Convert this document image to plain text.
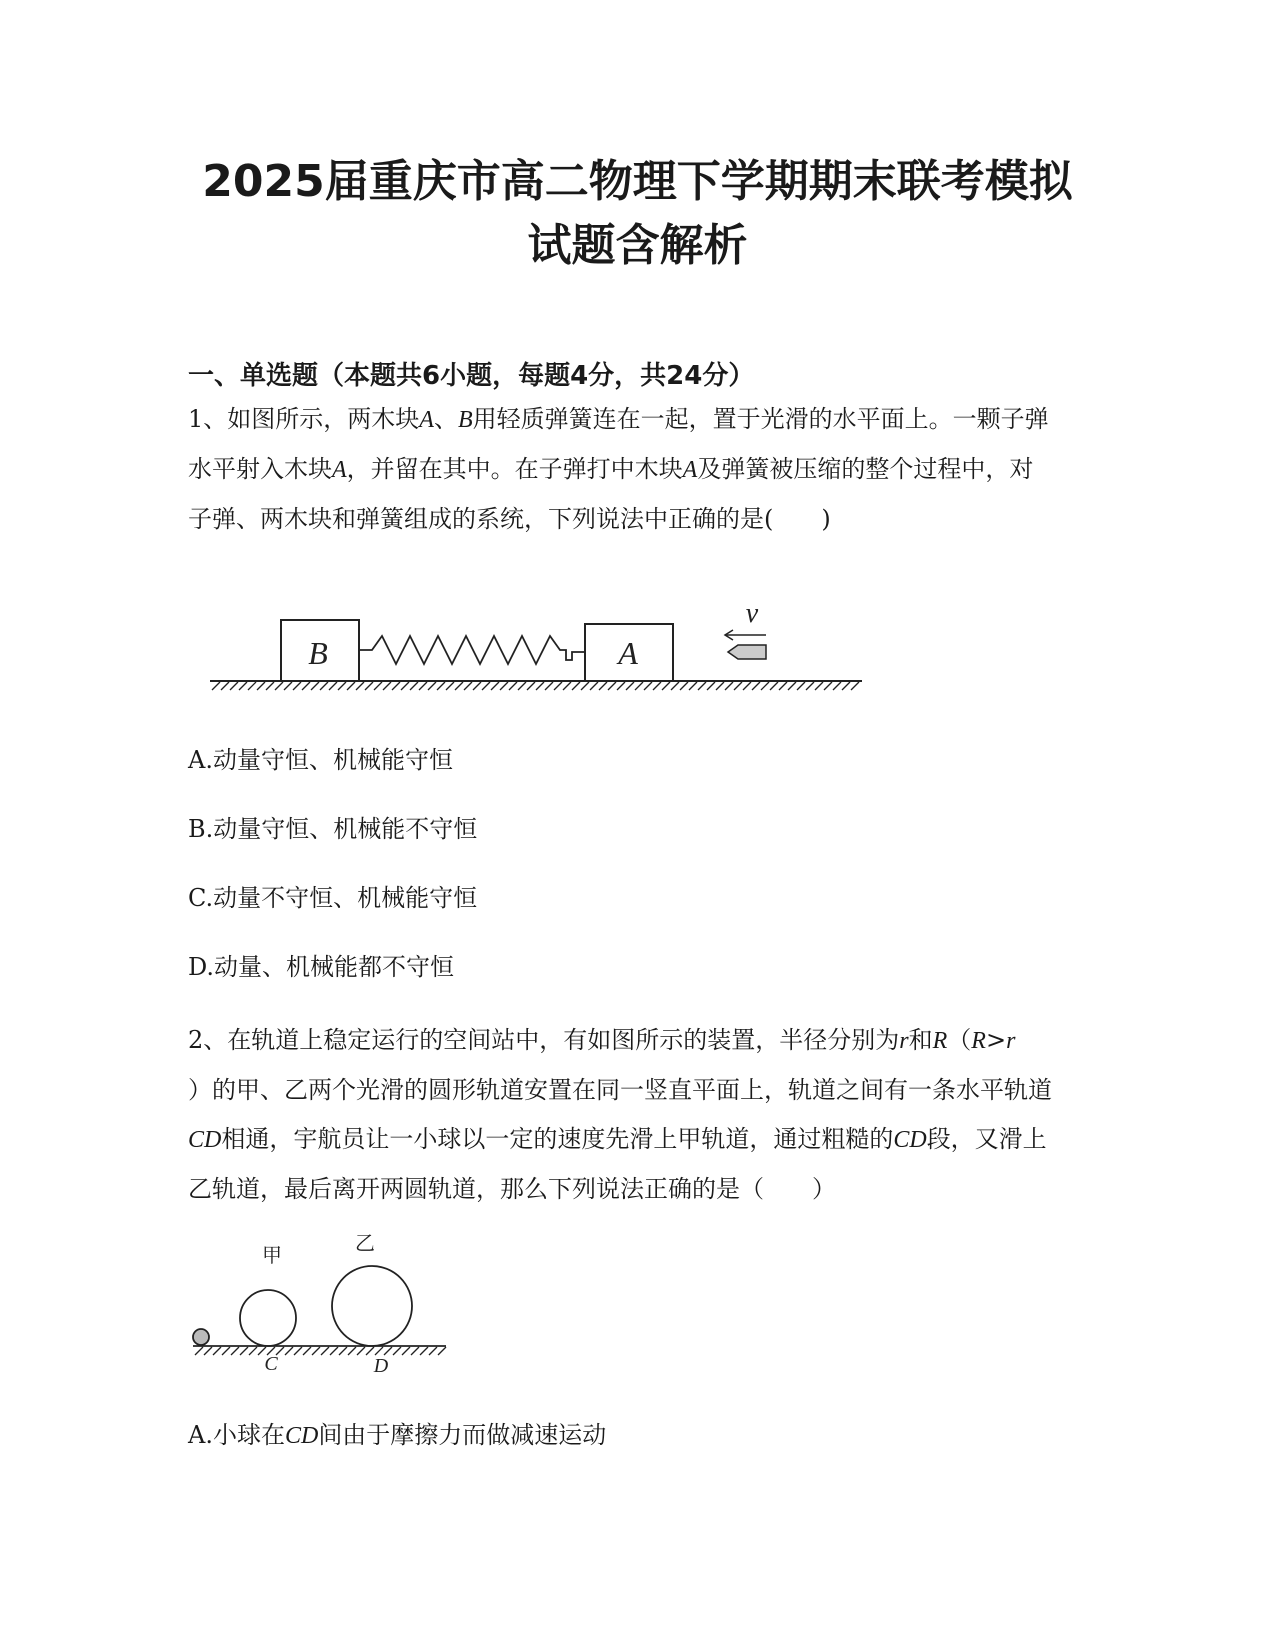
2025届重庆市高二物理下学期期末联考模拟
试题含解析
一、单选题（本题共6小题，每题4分，共24分）
1、如图所示，两木块A、B用轻质弹簧连在一起，置于光滑的水平面上。一颗子弹
水平射入木块A，并留在其中。在子弹打中木块A及弹簧被压缩的整个过程中，对
子弹、两木块和弹簧组成的系统，下列说法中正确的是(　　)
B	A
v
甲	乙
C	D
A.动量守恒、机械能守恒
B.动量守恒、机械能不守恒
C.动量不守恒、机械能守恒
D.动量、机械能都不守恒
2、在轨道上稳定运行的空间站中，有如图所示的装置，半径分别为r和R（R>r
）的甲、乙两个光滑的圆形轨道安置在同一竖直平面上，轨道之间有一条水平轨道
CD相通，宇航员让一小球以一定的速度先滑上甲轨道，通过粗糙的CD段，又滑上
乙轨道，最后离开两圆轨道，那么下列说法正确的是（　　）
A.小球在CD间由于摩擦力而做减速运动
